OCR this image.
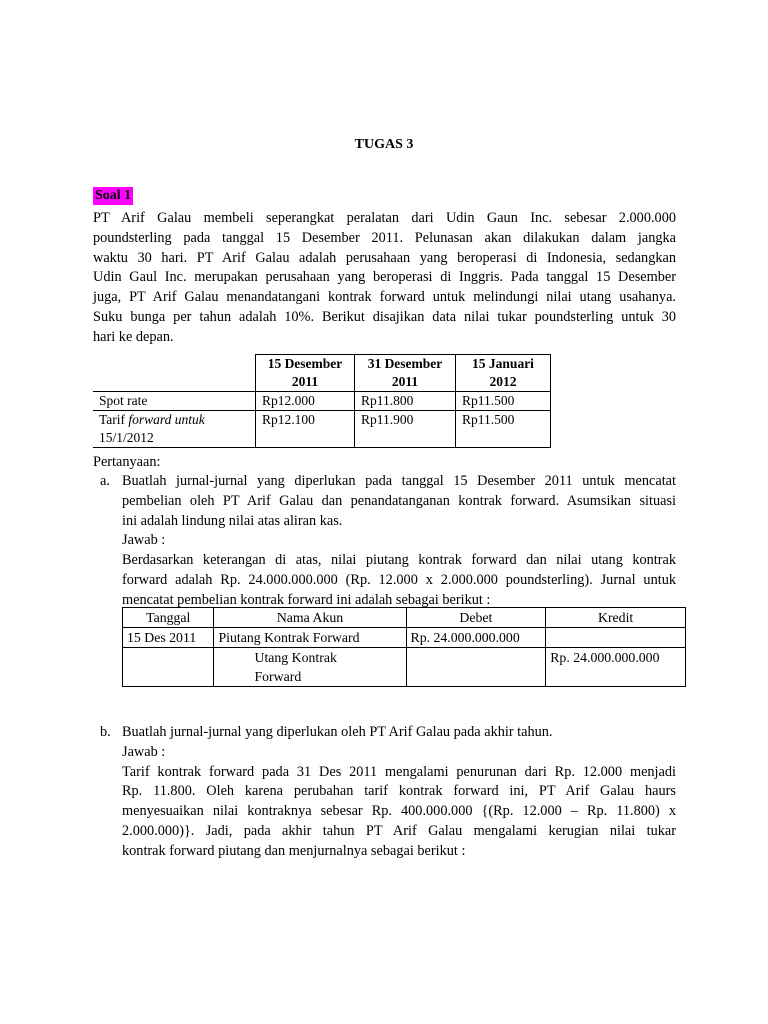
TUGAS 3
Soal 1
PT Arif Galau membeli seperangkat peralatan dari Udin Gaun Inc. sebesar 2.000.000
poundsterling pada tanggal 15 Desember 2011. Pelunasan akan dilakukan dalam jangka
waktu 30 hari. PT Arif Galau adalah perusahaan yang beroperasi di Indonesia, sedangkan
Udin Gaul Inc. merupakan perusahaan yang beroperasi di Inggris. Pada tanggal 15 Desember
juga, PT Arif Galau menandatangani kontrak forward untuk melindungi nilai utang usahanya.
Suku bunga per tahun adalah 10%. Berikut disajikan data nilai tukar poundsterling untuk 30
hari ke depan.
	15 Desember 2011	31 Desember 2011	15 Januari 2012
Spot rate	Rp12.000	Rp11.800	Rp11.500
Tarif forward untuk
15/1/2012	Rp12.100	Rp11.900	Rp11.500
Pertanyaan:
a. Buatlah jurnal-jurnal yang diperlukan pada tanggal 15 Desember 2011 untuk mencatat
pembelian oleh PT Arif Galau dan penandatanganan kontrak forward. Asumsikan situasi
ini adalah lindung nilai atas aliran kas.
Jawab :
Berdasarkan keterangan di atas, nilai piutang kontrak forward dan nilai utang kontrak
forward adalah Rp. 24.000.000.000 (Rp. 12.000 x 2.000.000 poundsterling). Jurnal untuk
mencatat pembelian kontrak forward ini adalah sebagai berikut :
Tanggal	Nama Akun	Debet	Kredit
15 Des 2011	Piutang Kontrak Forward	Rp. 24.000.000.000	
	Utang Kontrak
Forward		Rp. 24.000.000.000
b. Buatlah jurnal-jurnal yang diperlukan oleh PT Arif Galau pada akhir tahun.
Jawab :
Tarif kontrak forward pada 31 Des 2011 mengalami penurunan dari Rp. 12.000 menjadi
Rp. 11.800. Oleh karena perubahan tarif kontrak forward ini, PT Arif Galau haurs
menyesuaikan nilai kontraknya sebesar Rp. 400.000.000 {(Rp. 12.000 – Rp. 11.800) x
2.000.000)}. Jadi, pada akhir tahun PT Arif Galau mengalami kerugian nilai tukar
kontrak forward piutang dan menjurnalnya sebagai berikut :
